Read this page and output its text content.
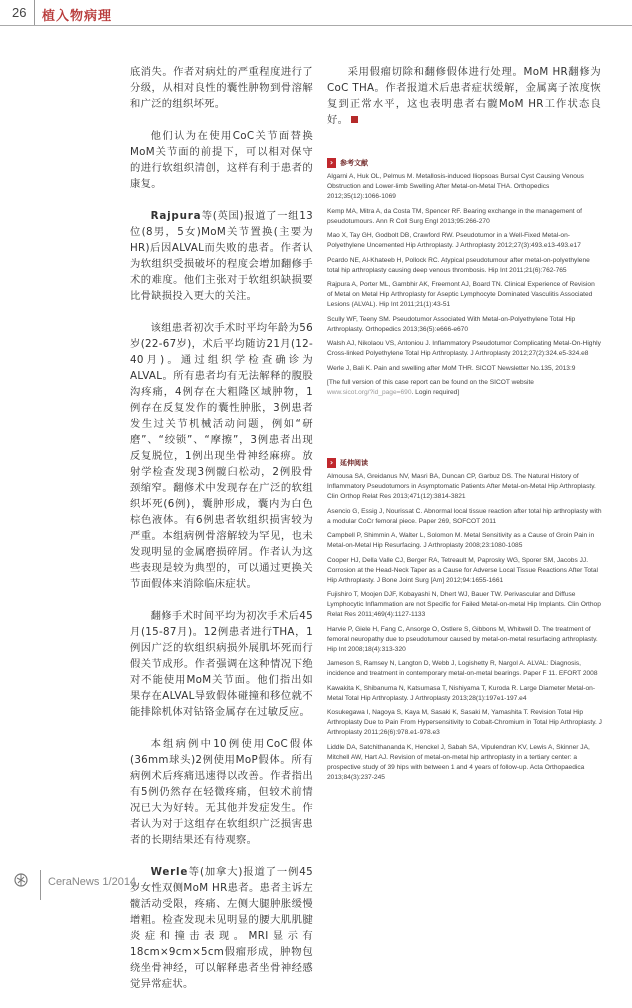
26 植入物病理

底消失。作者对病灶的严重程度进行了分级，从相对良性的囊性肿物到骨溶解和广泛的组织坏死。

他们认为在使用CoC关节面替换MoM关节面的前提下，可以相对保守的进行软组织清创，这样有利于患者的康复。

Rajpura等(英国)报道了一组13位(8男，5女)MoM关节置换(主要为HR)后因ALVAL而失败的患者。作者认为软组织受损破坏的程度会增加翻修手术的难度。他们主张对于软组织缺损要比骨缺损投入更大的关注。

该组患者初次手术时平均年龄为56岁(22-67岁)，术后平均随访21月(12-40月)。通过组织学检查确诊为ALVAL。所有患者均有无法解释的腹股沟疼痛，4例存在大粗隆区域肿物，1例存在反复发作的囊性肿胀，3例患者发生过关节机械活动问题，例如“研磨”、“绞锁”、“摩擦”，3例患者出现反复脱位，1例出现坐骨神经麻痹。放射学检查发现3例髋臼松动，2例股骨颈缩窄。翻修术中发现存在广泛的软组织坏死(6例)，囊肿形成，囊内为白色棕色液体。有6例患者软组织损害较为严重。本组病例骨溶解较为罕见，也未发现明显的金属磨损碎屑。作者认为这些表现是较为典型的，可以通过更换关节面假体来消除临床症状。

翻修手术时间平均为初次手术后45月(15-87月)。12例患者进行THA，1例因广泛的软组织病损外展肌坏死而行假关节成形。作者强调在这种情况下绝对不能使用MoM关节面。他们指出如果存在ALVAL导致假体碰撞和移位就不能排除机体对钴铬金属存在过敏反应。

本组病例中10例使用CoC假体(36mm球头)2例使用MoP假体。所有病例术后疼痛迅速得以改善。作者指出有5例仍然存在轻微疼痛，但较术前情况已大为好转。无其他并发症发生。作者认为对于这组存在软组织广泛损害患者的长期结果还有待观察。

Werle等(加拿大)报道了一例45岁女性双侧MoM HR患者。患者主诉左髋活动受限，疼痛、左侧大腿肿胀缓慢增粗。检查发现未见明显的腰大肌肌腱炎症和撞击表现。MRI显示有18cm×9cm×5cm假瘤形成，肿物包绕坐骨神经，可以解释患者坐骨神经感觉异常症状。

采用假瘤切除和翻修假体进行处理。MoM HR翻修为CoC THA。作者报道术后患者症状缓解，金属离子浓度恢复到正常水平，这也表明患者右髋MoM HR工作状态良好。

› 参考文献

Algarni A, Huk OL, Pelmus M. Metallosis-induced Iliopsoas Bursal Cyst Causing Venous Obstruction and Lower-limb Swelling After Metal-on-Metal THA. Orthopedics 2012;35(12):1066-1069

Kemp MA, Mitra A, da Costa TM, Spencer RF. Bearing exchange in the management of pseudotumours. Ann R Coll Surg Engl 2013;95:266-270

Mao X, Tay GH, Godbolt DB, Crawford RW. Pseudotumor in a Well-Fixed Metal-on-Polyethylene Uncemented Hip Arthroplasty. J Arthroplasty 2012;27(3):493.e13-493.e17

Pcardo NE, Al-Khateeb H, Pollock RC. Atypical pseudotumour after metal-on-polyethylene total hip arthroplasty causing deep venous thrombosis. Hip Int 2011;21(6):762-765

Rajpura A, Porter ML, Gambhir AK, Freemont AJ, Board TN. Clinical Experience of Revision of Metal on Metal Hip Arthroplasty for Aseptic Lymphocyte Dominated Vasculitis Associated Lesions (ALVAL). Hip Int 2011;21(1):43-51

Scully WF, Teeny SM. Pseudotumor Associated With Metal-on-Polyethylene Total Hip Arthroplasty. Orthopedics 2013;36(5):e666-e670

Walsh AJ, Nikolaou VS, Antoniou J. Inflammatory Pseudotumor Complicating Metal-On-Highly Cross-linked Polyethylene Total Hip Arthroplasty. J Arthroplasty 2012;27(2):324.e5-324.e8

Werle J, Bali K. Pain and swelling after MoM THR. SICOT Newsletter No.135, 2013:9

[The full version of this case report can be found on the SICOT website
www.sicot.org/?id_page=690. Login required]

› 延伸阅读

Almousa SA, Greidanus NV, Masri BA, Duncan CP, Garbuz DS. The Natural History of Inflammatory Pseudotumors in Asymptomatic Patients After Metal-on-Metal Hip Arthroplasty. Clin Orthop Relat Res 2013;471(12):3814-3821

Asencio G, Essig J, Nourissat C. Abnormal local tissue reaction after total hip arthroplasty with a modular CoCr femoral piece. Paper 269, SOFCOT 2011

Campbell P, Shimmin A, Walter L, Solomon M. Metal Sensitivity as a Cause of Groin Pain in Metal-on-Metal Hip Resurfacing. J Arthroplasty 2008;23:1080-1085

Cooper HJ, Della Valle CJ, Berger RA, Tetreault M, Paprosky WG, Sporer SM, Jacobs JJ. Corrosion at the Head-Neck Taper as a Cause for Adverse Local Tissue Reactions After Total Hip Arthroplasty. J Bone Joint Surg [Am] 2012;94:1655-1661

Fujishiro T, Moojen DJF, Kobayashi N, Dhert WJ, Bauer TW. Perivascular and Diffuse Lymphocytic Inflammation are not Specific for Failed Metal-on-metal Hip Implants. Clin Orthop Relat Res 2011;469(4):1127-1133

Harvie P, Giele H, Fang C, Ansorge O, Ostlere S, Gibbons M, Whitwell D. The treatment of femoral neuropathy due to pseudotumour caused by metal-on-metal resurfacing arthroplasty. Hip Int 2008;18(4):313-320

Jameson S, Ramsey N, Langton D, Webb J, Logishetty R, Nargol A. ALVAL: Diagnosis, incidence and treatment in contemporary metal-on-metal bearings. Paper F 11. EFORT 2008

Kawakita K, Shibanuma N, Katsumasa T, Nishiyama T, Kuroda R. Large Diameter Metal-on-Metal Total Hip Arthroplasty. J Arthroplasty 2013;28(1):197e1-197.e4

Kosukegawa I, Nagoya S, Kaya M, Sasaki K, Sasaki M, Yamashita T. Revision Total Hip Arthroplasty Due to Pain From Hypersensitivity to Cobalt-Chromium in Total Hip Arthroplasty. J Arthroplasty 2011;26(6):978.e1-978.e3

Liddle DA, Satchithananda K, Henckel J, Sabah SA, Vipulendran KV, Lewis A, Skinner JA, Mitchell AW, Hart AJ. Revision of metal-on-metal hip arthroplasty in a tertiary center: a prospective study of 39 hips with between 1 and 4 years of follow-up. Acta Orthopaedica 2013;84(3):237-245

CeraNews 1/2014
